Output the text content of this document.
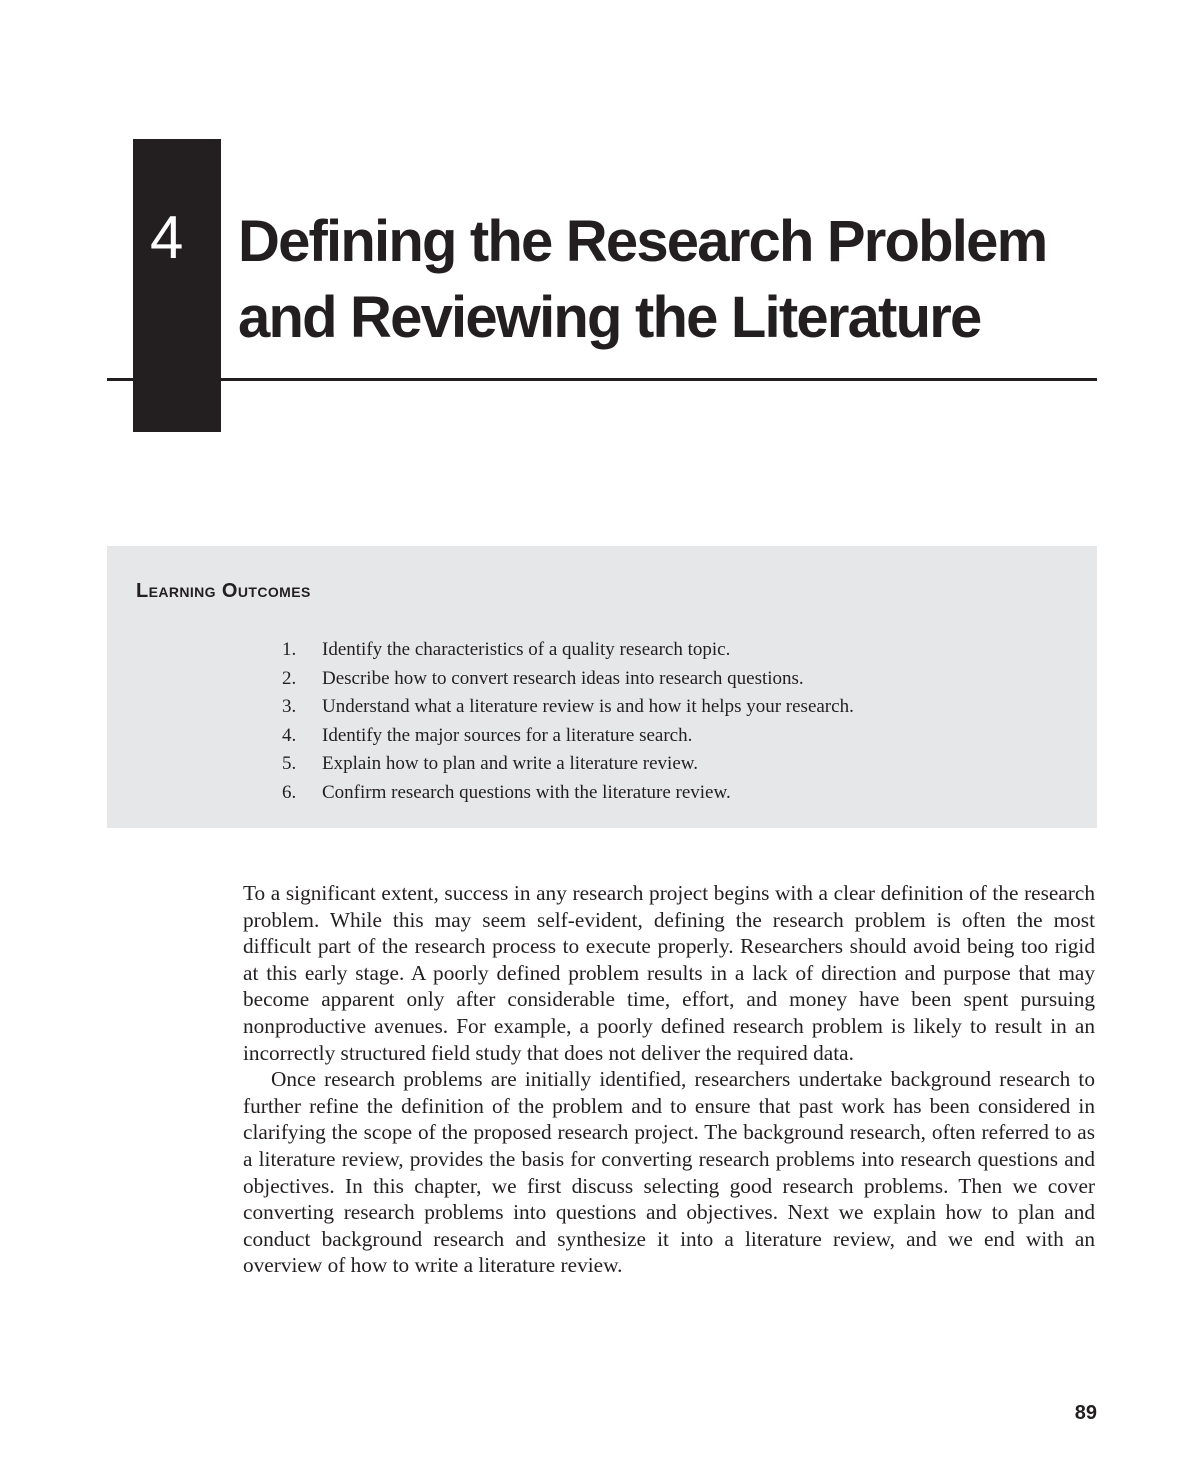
4 Defining the Research Problem
and Reviewing the Literature
Learning Outcomes
1.	Identify the characteristics of a quality research topic.
2.	Describe how to convert research ideas into research questions.
3.	Understand what a literature review is and how it helps your research.
4.	Identify the major sources for a literature search.
5.	Explain how to plan and write a literature review.
6.	Confirm research questions with the literature review.

To a significant extent, success in any research project begins with a clear definition of the research problem. While this may seem self-evident, defining the research problem is often the most difficult part of the research process to execute properly. Researchers should avoid being too rigid at this early stage. A poorly defined problem results in a lack of direction and purpose that may become apparent only after considerable time, effort, and money have been spent pursuing nonproductive avenues. For example, a poorly defined research problem is likely to result in an incorrectly structured field study that does not deliver the required data.

Once research problems are initially identified, researchers undertake background research to further refine the definition of the problem and to ensure that past work has been considered in clarifying the scope of the proposed research project. The background research, often referred to as a literature review, provides the basis for converting research problems into research questions and objectives. In this chapter, we first discuss selecting good research problems. Then we cover converting research problems into questions and objectives. Next we explain how to plan and conduct background research and synthesize it into a literature review, and we end with an overview of how to write a literature review.

89
